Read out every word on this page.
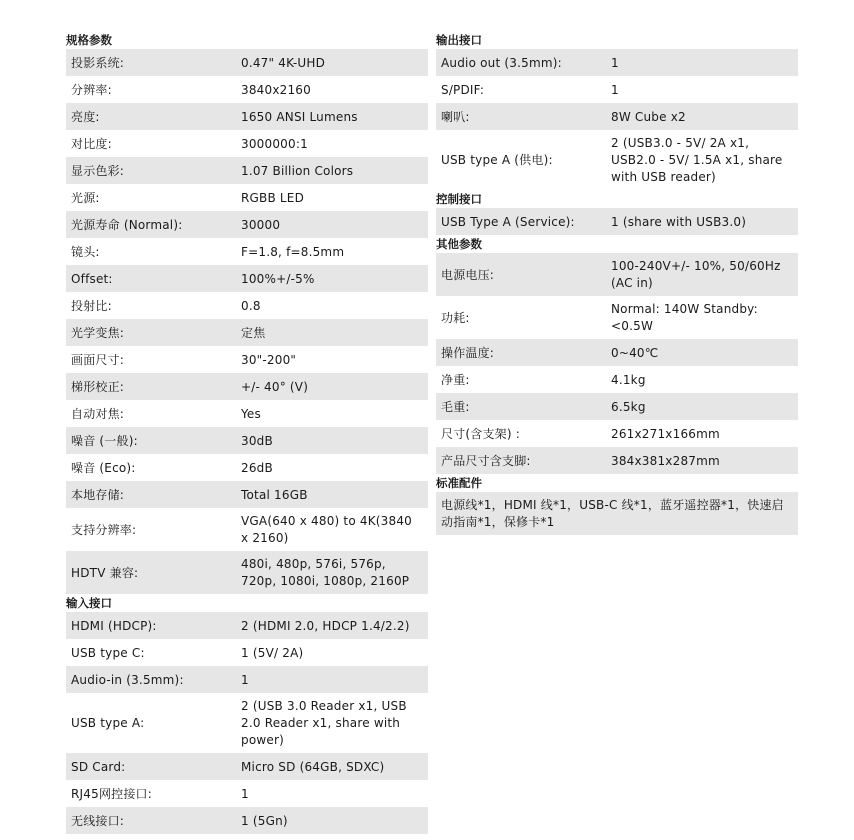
规格参数
投影系统:	0.47" 4K-UHD
分辨率:	3840x2160
亮度:	1650 ANSI Lumens
对比度:	3000000:1
显示色彩:	1.07 Billion Colors
光源:	RGBB LED
光源寿命 (Normal):	30000
镜头:	F=1.8, f=8.5mm
Offset:	100%+/-5%
投射比:	0.8
光学变焦:	定焦
画面尺寸:	30"-200"
梯形校正:	+/- 40° (V)
自动对焦:	Yes
噪音 (一般):	30dB
噪音 (Eco):	26dB
本地存储:	Total 16GB
支持分辨率:	VGA(640 x 480) to 4K(3840 x 2160)
HDTV 兼容:	480i, 480p, 576i, 576p, 720p, 1080i, 1080p, 2160P
输入接口
HDMI (HDCP):	2 (HDMI 2.0, HDCP 1.4/2.2)
USB type C:	1 (5V/ 2A)
Audio-in (3.5mm):	1
USB type A:	2 (USB 3.0 Reader x1, USB 2.0 Reader x1, share with power)
SD Card:	Micro SD (64GB, SDXC)
RJ45网控接口:	1
无线接口:	1 (5Gn)
输出接口
Audio out (3.5mm):	1
S/PDIF:	1
喇叭:	8W Cube x2
USB type A (供电):	2 (USB3.0 - 5V/ 2A x1, USB2.0 - 5V/ 1.5A x1, share with USB reader)
控制接口
USB Type A (Service):	1 (share with USB3.0)
其他参数
电源电压:	100-240V+/- 10%, 50/60Hz (AC in)
功耗:	Normal: 140W Standby: <0.5W
操作温度:	0~40℃
净重:	4.1kg
毛重:	6.5kg
尺寸(含支架) :	261x271x166mm
产品尺寸含支脚:	384x381x287mm
标准配件
电源线*1，HDMI 线*1，USB-C 线*1，蓝牙遥控器*1，快速启动指南*1，保修卡*1
